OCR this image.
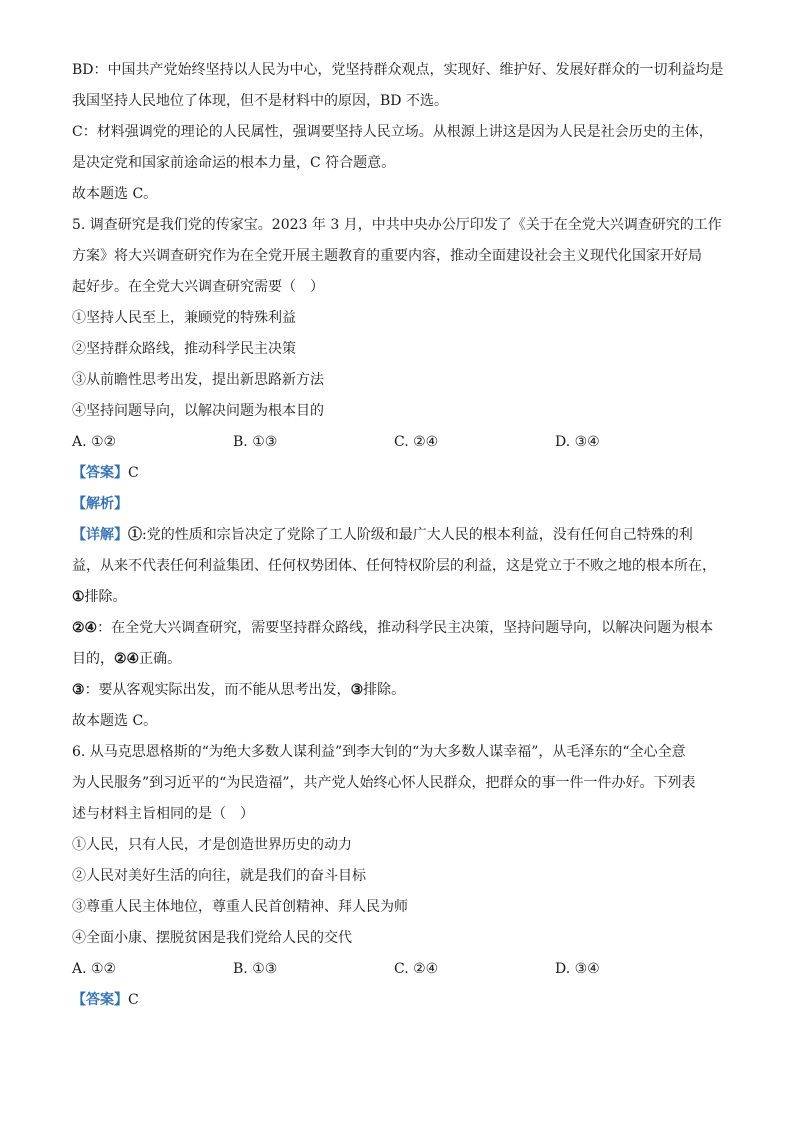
BD：中国共产党始终坚持以人民为中心，党坚持群众观点，实现好、维护好、发展好群众的一切利益均是

我国坚持人民地位了体现，但不是材料中的原因，BD 不选。

C：材料强调党的理论的人民属性，强调要坚持人民立场。从根源上讲这是因为人民是社会历史的主体，

是决定党和国家前途命运的根本力量，C 符合题意。

故本题选 C。

5. 调查研究是我们党的传家宝。2023 年 3 月，中共中央办公厅印发了《关于在全党大兴调查研究的工作

方案》将大兴调查研究作为在全党开展主题教育的重要内容，推动全面建设社会主义现代化国家开好局

起好步。在全党大兴调查研究需要（　）

①坚持人民至上，兼顾党的特殊利益

②坚持群众路线，推动科学民主决策

③从前瞻性思考出发，提出新思路新方法

④坚持问题导向，以解决问题为根本目的

A. ①②	B. ①③	C. ②④	D. ③④

【答案】C

【解析】

【详解】①:党的性质和宗旨决定了党除了工人阶级和最广大人民的根本利益，没有任何自己特殊的利

益，从来不代表任何利益集团、任何权势团体、任何特权阶层的利益，这是党立于不败之地的根本所在，

①排除。

②④：在全党大兴调查研究，需要坚持群众路线，推动科学民主决策，坚持问题导向，以解决问题为根本

目的，②④正确。

③：要从客观实际出发，而不能从思考出发，③排除。

故本题选 C。

6. 从马克思恩格斯的“为绝大多数人谋利益”到李大钊的“为大多数人谋幸福”，从毛泽东的“全心全意

为人民服务”到习近平的“为民造福”，共产党人始终心怀人民群众，把群众的事一件一件办好。下列表

述与材料主旨相同的是（　）

①人民，只有人民，才是创造世界历史的动力

②人民对美好生活的向往，就是我们的奋斗目标

③尊重人民主体地位，尊重人民首创精神、拜人民为师

④全面小康、摆脱贫困是我们党给人民的交代

A. ①②	B. ①③	C. ②④	D. ③④

【答案】C
